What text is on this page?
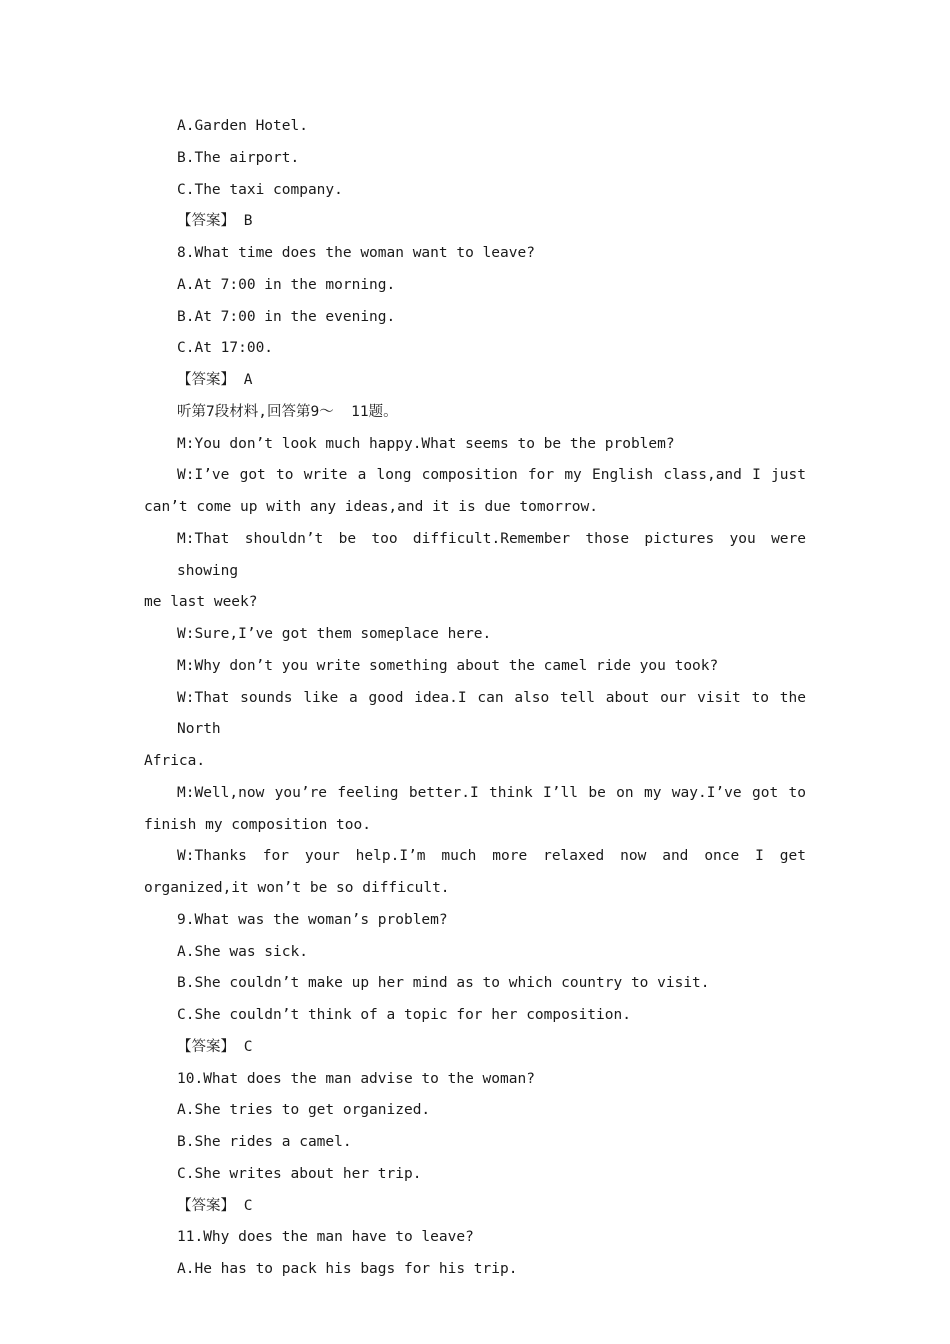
A.Garden Hotel.
B.The airport.
C.The taxi company.
【答案】 B
8.What time does the woman want to leave?
A.At 7:00 in the morning.
B.At 7:00 in the evening.
C.At 17:00.
【答案】 A
听第7段材料,回答第9～  11题。
M:You don’t look much happy.What seems to be the problem?
W:I’ve got to write a long composition for my English class,and I just
can’t come up with any ideas,and it is due tomorrow.
M:That shouldn’t be too difficult.Remember those pictures you were showing
me last week?
W:Sure,I’ve got them someplace here.
M:Why don’t you write something about the camel ride you took?
W:That sounds like a good idea.I can also tell about our visit to the North
Africa.
M:Well,now you’re feeling better.I think I’ll be on my way.I’ve got to
finish my composition too.
W:Thanks for your help.I’m much more relaxed now and once I get
organized,it won’t be so difficult.
9.What was the woman’s problem?
A.She was sick.
B.She couldn’t make up her mind as to which country to visit.
C.She couldn’t think of a topic for her composition.
【答案】 C
10.What does the man advise to the woman?
A.She tries to get organized.
B.She rides a camel.
C.She writes about her trip.
【答案】 C
11.Why does the man have to leave?
A.He has to pack his bags for his trip.
